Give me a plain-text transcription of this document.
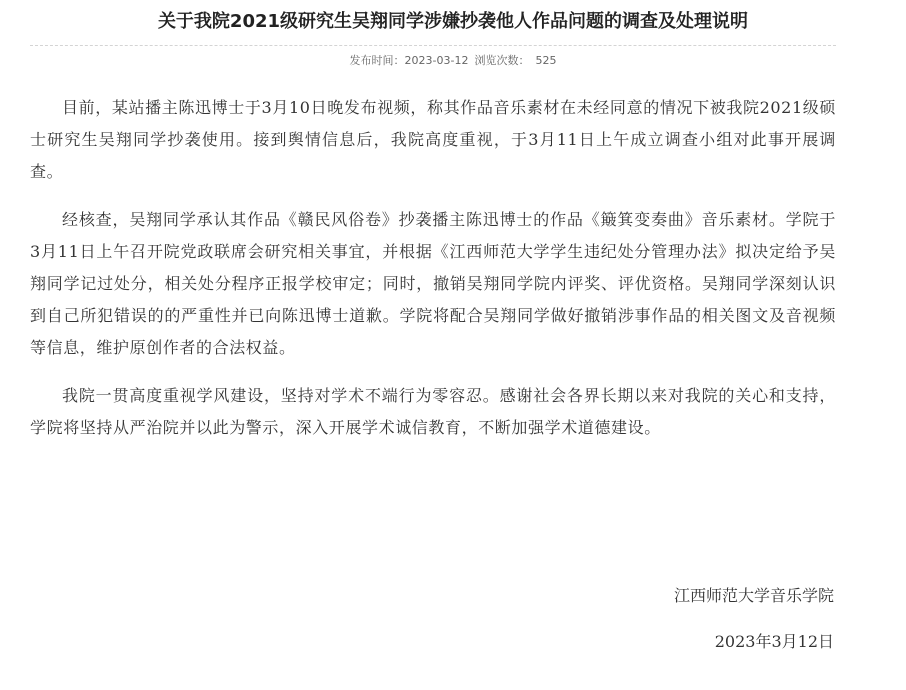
关于我院2021级研究生吴翔同学涉嫌抄袭他人作品问题的调查及处理说明
发布时间：2023-03-12 浏览次数： 525

目前，某站播主陈迅博士于3月10日晚发布视频，称其作品音乐素材在未经同意的情况下被我院2021级硕士研究生吴翔同学抄袭使用。接到舆情信息后，我院高度重视，于3月11日上午成立调查小组对此事开展调查。

经核查，吴翔同学承认其作品《赣民风俗卷》抄袭播主陈迅博士的作品《簸箕变奏曲》音乐素材。学院于3月11日上午召开院党政联席会研究相关事宜，并根据《江西师范大学学生违纪处分管理办法》拟决定给予吴翔同学记过处分，相关处分程序正报学校审定；同时，撤销吴翔同学院内评奖、评优资格。吴翔同学深刻认识到自己所犯错误的的严重性并已向陈迅博士道歉。学院将配合吴翔同学做好撤销涉事作品的相关图文及音视频等信息，维护原创作者的合法权益。

我院一贯高度重视学风建设，坚持对学术不端行为零容忍。感谢社会各界长期以来对我院的关心和支持，学院将坚持从严治院并以此为警示，深入开展学术诚信教育，不断加强学术道德建设。

江西师范大学音乐学院
2023年3月12日
